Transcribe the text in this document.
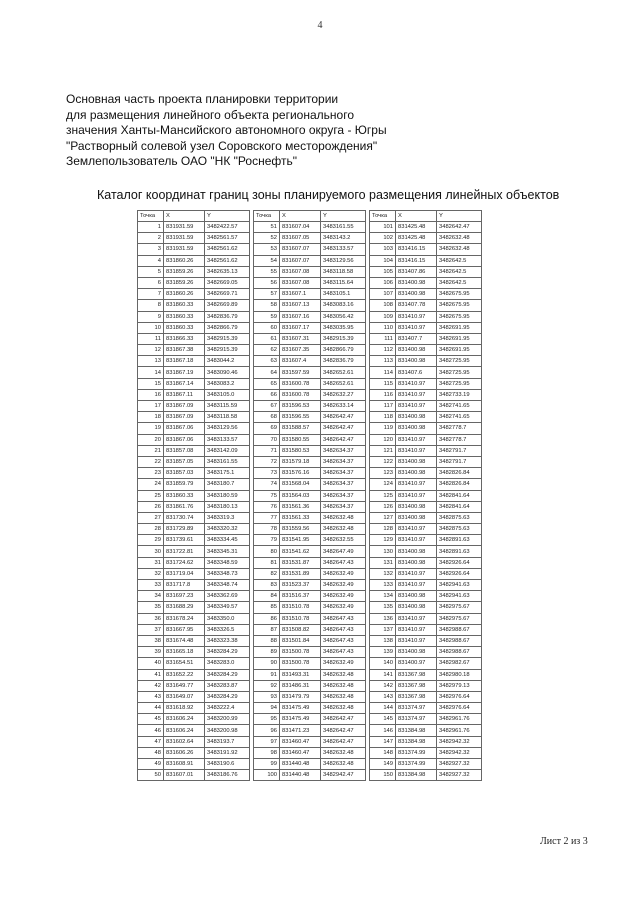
4
Основная часть проекта планировки территории
для размещения линейного объекта регионального
значения Ханты-Мансийского автономного округа - Югры
"Растворный солевой узел Соровского месторождения"
Землепользователь ОАО "НК "Роснефть"
Каталог координат границ зоны планируемого размещения линейных объектов
Точка	X	Y
1	831931.59	3482422.57
2	831931.59	3482561.57
3	831931.59	3482561.62
4	831860.26	3482561.62
5	831859.26	3482635.13
6	831859.26	3482669.05
7	831860.26	3482669.71
8	831860.33	3482669.89
9	831860.33	3482836.79
10	831860.33	3482866.79
11	831866.33	3482915.39
12	831867.38	3482915.39
13	831867.18	3483044.2
14	831867.19	3483090.46
15	831867.14	3483083.2
16	831867.11	3483105.0
17	831867.09	3483115.59
18	831867.09	3483118.58
19	831867.06	3483129.56
20	831867.06	3483133.57
21	831857.08	3483142.09
22	831857.05	3483161.55
23	831857.03	3483175.1
24	831859.79	3483180.7
25	831860.33	3483180.59
26	831861.76	3483180.13
27	831730.74	3483319.3
28	831729.89	3483320.32
29	831739.61	3483334.45
30	831722.81	3483345.31
31	831724.62	3483348.59
32	831719.04	3483348.73
33	831717.8	3483348.74
34	831697.23	3483362.69
35	831688.29	3483349.57
36	831678.24	3483350.0
37	831667.95	3483326.5
38	831674.48	3483323.38
39	831665.18	3483284.29
40	831654.51	3483283.0
41	831652.22	3483284.29
42	831649.77	3483283.87
43	831649.07	3483284.29
44	831618.92	3483222.4
45	831606.24	3483200.99
46	831606.24	3483200.98
47	831602.64	3483193.7
48	831606.26	3483191.92
49	831608.91	3483190.6
50	831607.01	3483186.76
Точка	X	Y
51	831607.04	3483161.55
52	831607.05	3483143.2
53	831607.07	3483133.57
54	831607.07	3483129.56
55	831607.08	3483118.58
56	831607.08	3483115.64
57	831607.1	3483105.1
58	831607.13	3483083.16
59	831607.16	3483056.42
60	831607.17	3483035.95
61	831607.31	3482915.39
62	831607.35	3482866.79
63	831607.4	3482836.79
64	831597.59	3482652.61
65	831600.78	3482652.61
66	831600.78	3482632.27
67	831596.53	3482633.14
68	831596.55	3482642.47
69	831588.57	3482642.47
70	831580.55	3482642.47
71	831580.53	3482634.37
72	831579.18	3482634.37
73	831576.16	3482634.37
74	831568.04	3482634.37
75	831564.03	3482634.37
76	831561.36	3482634.37
77	831561.33	3482632.48
78	831559.56	3482632.48
79	831541.95	3482632.55
80	831541.62	3482647.49
81	831531.87	3482647.43
82	831531.89	3482632.49
83	831523.37	3482632.49
84	831516.37	3482632.49
85	831510.78	3482632.49
86	831510.78	3482647.43
87	831508.82	3482647.43
88	831501.84	3482647.43
89	831500.78	3482647.43
90	831500.78	3482632.49
91	831493.31	3482632.48
92	831486.31	3482632.48
93	831479.79	3482632.48
94	831475.49	3482632.48
95	831475.49	3482642.47
96	831471.23	3482642.47
97	831460.47	3482642.47
98	831460.47	3482632.48
99	831440.48	3482632.48
100	831440.48	3482942.47
Точка	X	Y
101	831425.48	3482642.47
102	831425.48	3482632.48
103	831416.15	3482632.48
104	831416.15	3482642.5
105	831407.86	3482642.5
106	831400.98	3482642.5
107	831400.98	3482675.95
108	831407.78	3482675.95
109	831410.97	3482675.95
110	831410.97	3482691.95
111	831407.7	3482691.95
112	831400.98	3482691.95
113	831400.98	3482725.95
114	831407.6	3482725.95
115	831410.97	3482725.95
116	831410.97	3482733.19
117	831410.97	3482741.65
118	831400.98	3482741.65
119	831400.98	3482778.7
120	831410.97	3482778.7
121	831410.97	3482791.7
122	831400.98	3482791.7
123	831400.98	3482826.84
124	831410.97	3482826.84
125	831410.97	3482841.64
126	831400.98	3482841.64
127	831400.98	3482875.63
128	831410.97	3482875.63
129	831410.97	3482891.63
130	831400.98	3482891.63
131	831400.98	3482926.64
132	831410.97	3482926.64
133	831410.97	3482941.63
134	831400.98	3482941.63
135	831400.98	3482975.67
136	831410.97	3482975.67
137	831410.97	3482988.67
138	831410.97	3482988.67
139	831400.98	3482988.67
140	831400.97	3482982.67
141	831367.98	3482980.18
142	831367.98	3482979.13
143	831367.98	3482976.64
144	831374.97	3482976.64
145	831374.97	3482961.76
146	831384.98	3482961.76
147	831384.98	3482942.32
148	831374.99	3482942.32
149	831374.99	3482927.32
150	831384.98	3482927.32
Лист 2 из 3
